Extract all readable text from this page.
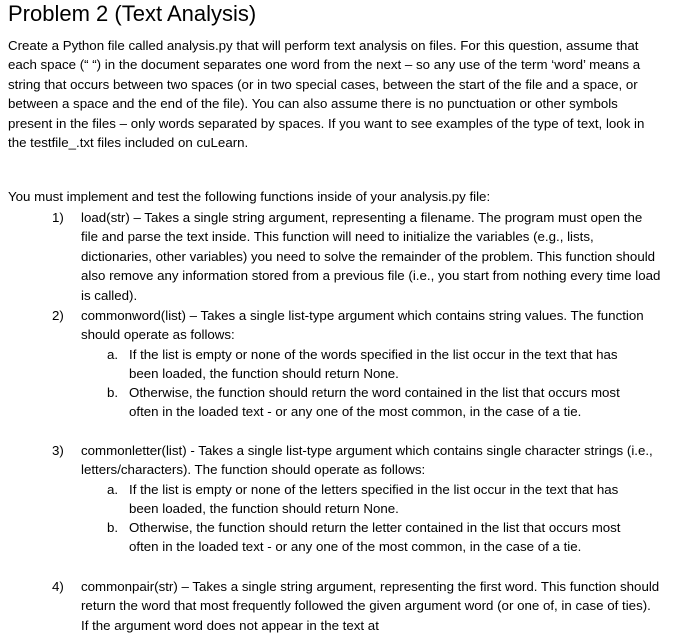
Problem 2 (Text Analysis)
Create a Python file called analysis.py that will perform text analysis on files. For this question, assume that each space (“ “) in the document separates one word from the next – so any use of the term ‘word’ means a string that occurs between two spaces (or in two special cases, between the start of the file and a space, or between a space and the end of the file). You can also assume there is no punctuation or other symbols present in the files – only words separated by spaces. If you want to see examples of the type of text, look in the testfile_.txt files included on cuLearn.
You must implement and test the following functions inside of your analysis.py file:
1) load(str) – Takes a single string argument, representing a filename. The program must open the file and parse the text inside. This function will need to initialize the variables (e.g., lists, dictionaries, other variables) you need to solve the remainder of the problem. This function should also remove any information stored from a previous file (i.e., you start from nothing every time load is called).
2) commonword(list) – Takes a single list-type argument which contains string values. The function should operate as follows:
a. If the list is empty or none of the words specified in the list occur in the text that has been loaded, the function should return None.
b. Otherwise, the function should return the word contained in the list that occurs most often in the loaded text - or any one of the most common, in the case of a tie.
3) commonletter(list) - Takes a single list-type argument which contains single character strings (i.e., letters/characters). The function should operate as follows:
a. If the list is empty or none of the letters specified in the list occur in the text that has been loaded, the function should return None.
b. Otherwise, the function should return the letter contained in the list that occurs most often in the loaded text - or any one of the most common, in the case of a tie.
4) commonpair(str) – Takes a single string argument, representing the first word. This function should return the word that most frequently followed the given argument word (or one of, in case of ties). If the argument word does not appear in the text at
